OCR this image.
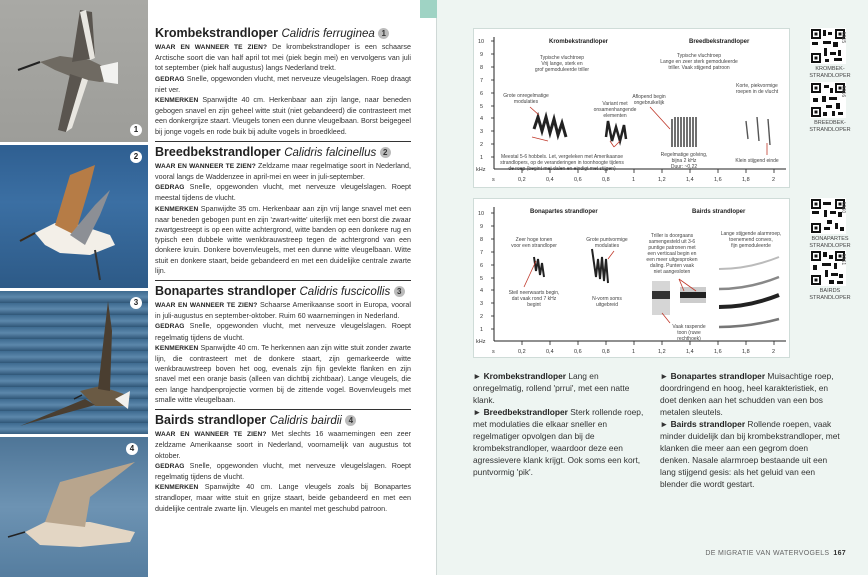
1
2
3
4
Krombekstrandloper Calidris ferruginea 1

WAAR EN WANNEER TE ZIEN? De krombekstrandloper is een schaarse Arctische soort die van half april tot mei (piek begin mei) en vervolgens van juli tot september (piek half augustus) langs Nederland trekt.

GEDRAG Snelle, opgewonden vlucht, met nerveuze vleugelslagen. Roep draagt niet ver.

KENMERKEN Spanwijdte 40 cm. Herkenbaar aan zijn lange, naar beneden gebogen snavel en zijn geheel witte stuit (niet gebandeerd) die contrasteert met een donkergrijze staart. Vleugels tonen een dunne vleugelbaan. Borst beigegeel bij jonge vogels en rode buik bij adulte vogels in broedkleed.

Breedbekstrandloper Calidris falcinellus 2

WAAR EN WANNEER TE ZIEN? Zeldzame maar regelmatige soort in Nederland, vooral langs de Waddenzee in april-mei en weer in juli-september.

GEDRAG Snelle, opgewonden vlucht, met nerveuze vleugelslagen. Roept meestal tijdens de vlucht.

KENMERKEN Spanwijdte 35 cm. Herkenbaar aan zijn vrij lange snavel met een naar beneden gebogen punt en zijn 'zwart-witte' uiterlijk met een borst die zwaar zwartgestreept is op een witte achtergrond, witte banden op een donkere rug en typisch een dubbele witte wenkbrauwstreep tegen de achtergrond van een donkere kruin. Donkere bovenvleugels, met een dunne witte vleugelbaan. Witte stuit en donkere staart, beide gebandeerd en met een duidelijke centrale zwarte lijn.

Bonapartes strandloper Calidris fuscicollis 3

WAAR EN WANNEER TE ZIEN? Schaarse Amerikaanse soort in Europa, vooral in juli-augustus en september-oktober. Ruim 60 waarnemingen in Nederland.

GEDRAG Snelle, opgewonden vlucht, met nerveuze vleugelslagen. Roept regelmatig tijdens de vlucht.

KENMERKEN Spanwijdte 40 cm. Te herkennen aan zijn witte stuit zonder zwarte lijn, die contrasteert met de donkere staart, zijn gemarkeerde witte wenkbrauwstreep boven het oog, evenals zijn fijn gevlekte flanken en zijn snavel met een oranje basis (alleen van dichtbij zichtbaar). Lange vleugels, die een lange handpenprojectie vormen bij de zittende vogel. Bovenvleugels met smalle witte vleugelbaan.

Bairds strandloper Calidris bairdii 4

WAAR EN WANNEER TE ZIEN? Met slechts 16 waarnemingen een zeer zeldzame Amerikaanse soort in Nederland, voornamelijk van augustus tot oktober.

GEDRAG Snelle, opgewonden vlucht, met nerveuze vleugelslagen. Roept regelmatig tijdens de vlucht.

KENMERKEN Spanwijdte 40 cm. Lange vleugels zoals bij Bonapartes strandloper, maar witte stuit en grijze staart, beide gebandeerd en met een duidelijke centrale zwarte lijn. Vleugels en mantel met geschubd patroon.

1
2
3
4
5
6
7
8
9
10
kHz
s	0,2	0,4	0,6	0,8	1	1,2	1,4	1,6	1,8	2
Krombekstrandloper	Breedbekstrandloper
Typische vluchtroep
Vrij lange, sterk en
grof gemoduleerde triller
Grote onregelmatige
modulaties	Variant met
onsamenhangende
elementen
Meestal 5-6 hobbels. Let, vergeleken met Amerikaanse
strandlopers, op de veranderingen in toonhoogte tijdens
de roep (begint met dalen en eindigt met stijgen)
Typische vluchtroep
Lange en zeer sterk gemoduleerde
triller. Vaak stijgend patroon
Aflopend begin
ongebruikelijk
Regelmatige golving,
bijna 2 kHz
Duur: ~0,22
Korte, piekvormige
roepen in de vlucht
Klein stijgend einde
1
2
3
4
5
6
7
8
9
10
kHz
s	0,2	0,4	0,6	0,8	1	1,2	1,4	1,6	1,8	2
Bonapartes strandloper	Bairds strandloper
Zeer hoge tonen
voor een strandloper
Steil neerwaarts begin,
dat vaak rond 7 kHz
begint
Grote puntvormige
modulaties
N-vorm soms
uitgebreid
Triller is doorgaans
samengesteld uit 3-6
puntige patronen met
een verticaal begin en
een meer uitgesproken
daling. Punten vaak
niet aangesloten
Vaak raspende
toon (ruwe
rechthoek)
Lange stijgende alarmroep,
toenemend convex,
fijn gemoduleerde
5315
KROMBEK-
STRANDLOPER
5316
BREEDBEK-
STRANDLOPER
5360
BONAPARTES
STRANDLOPER
5361
BAIRDS
STRANDLOPER

► Krombekstrandloper Lang en onregelmatig, rollend 'prrui', met een natte klank.

► Breedbekstrandloper Sterk rollende roep, met modulaties die elkaar sneller en regelmatiger opvolgen dan bij de krombekstrandloper, waardoor deze een agressievere klank krijgt. Ook soms een kort, puntvormig 'pik'.

► Bonapartes strandloper Muisachtige roep, doordringend en hoog, heel karakteristiek, en doet denken aan het schudden van een bos metalen sleutels.

► Bairds strandloper Rollende roepen, vaak minder duidelijk dan bij krombekstrandloper, met klanken die meer aan een gegrom doen denken. Nasale alarmroep bestaande uit een lang stijgend gesis: als het geluid van een blender die wordt gestart.

DE MIGRATIE VAN WATERVOGELS 167
